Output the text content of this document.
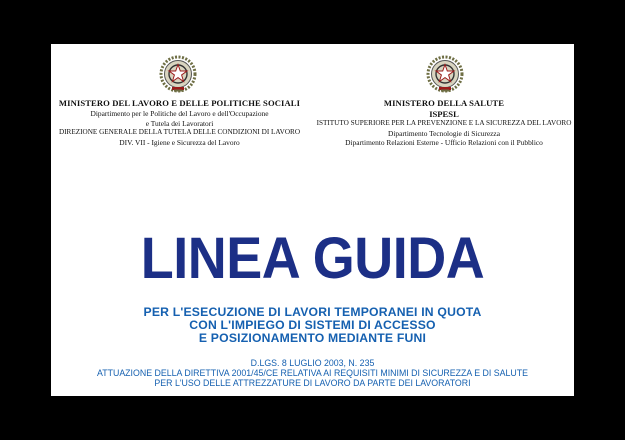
MINISTERO DEL LAVORO E DELLE POLITICHE SOCIALI
Dipartimento per le Politiche del Lavoro e dell'Occupazione
e Tutela dei Lavoratori
DIREZIONE GENERALE DELLA TUTELA DELLE CONDIZIONI DI LAVORO
DIV. VII - Igiene e Sicurezza del Lavoro
MINISTERO DELLA SALUTE
ISPESL
ISTITUTO SUPERIORE PER LA PREVENZIONE E LA SICUREZZA DEL LAVORO
Dipartimento Tecnologie di Sicurezza
Dipartimento Relazioni Esterne - Ufficio Relazioni con il Pubblico
LINEA GUIDA
PER L'ESECUZIONE DI LAVORI TEMPORANEI IN QUOTA
CON L'IMPIEGO DI SISTEMI DI ACCESSO
E POSIZIONAMENTO MEDIANTE FUNI
D.LGS. 8 LUGLIO 2003, N. 235
ATTUAZIONE DELLA DIRETTIVA 2001/45/CE RELATIVA AI REQUISITI MINIMI DI SICUREZZA E DI SALUTE
PER L'USO DELLE ATTREZZATURE DI LAVORO DA PARTE DEI LAVORATORI
